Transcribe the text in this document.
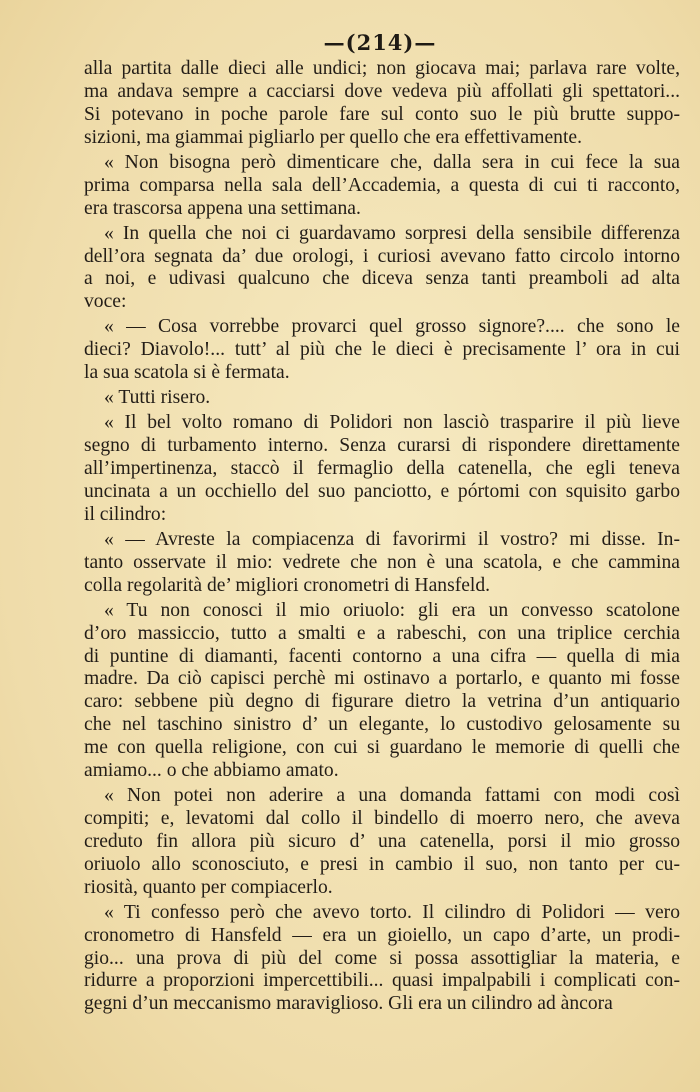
—(214)—
alla partita dalle dieci alle undici; non giocava mai; parlava rare volte,
ma andava sempre a cacciarsi dove vedeva più affollati gli spettatori...
Si potevano in poche parole fare sul conto suo le più brutte suppo-
sizioni, ma giammai pigliarlo per quello che era effettivamente.
« Non bisogna però dimenticare che, dalla sera in cui fece la sua
prima comparsa nella sala dell’Accademia, a questa di cui ti racconto,
era trascorsa appena una settimana.
« In quella che noi ci guardavamo sorpresi della sensibile differenza
dell’ora segnata da’ due orologi, i curiosi avevano fatto circolo intorno
a noi, e udivasi qualcuno che diceva senza tanti preamboli ad alta
voce:
« — Cosa vorrebbe provarci quel grosso signore?.... che sono le
dieci? Diavolo!... tutt’ al più che le dieci è precisamente l’ ora in cui
la sua scatola si è fermata.
« Tutti risero.
« Il bel volto romano di Polidori non lasciò trasparire il più lieve
segno di turbamento interno. Senza curarsi di rispondere direttamente
all’impertinenza, staccò il fermaglio della catenella, che egli teneva
uncinata a un occhiello del suo panciotto, e pórtomi con squisito garbo
il cilindro:
« — Avreste la compiacenza di favorirmi il vostro? mi disse. In-
tanto osservate il mio: vedrete che non è una scatola, e che cammina
colla regolarità de’ migliori cronometri di Hansfeld.
« Tu non conosci il mio oriuolo: gli era un convesso scatolone
d’oro massiccio, tutto a smalti e a rabeschi, con una triplice cerchia
di puntine di diamanti, facenti contorno a una cifra — quella di mia
madre. Da ciò capisci perchè mi ostinavo a portarlo, e quanto mi fosse
caro: sebbene più degno di figurare dietro la vetrina d’un antiquario
che nel taschino sinistro d’ un elegante, lo custodivo gelosamente su
me con quella religione, con cui si guardano le memorie di quelli che
amiamo... o che abbiamo amato.
« Non potei non aderire a una domanda fattami con modi così
compiti; e, levatomi dal collo il bindello di moerro nero, che aveva
creduto fin allora più sicuro d’ una catenella, porsi il mio grosso
oriuolo allo sconosciuto, e presi in cambio il suo, non tanto per cu-
riosità, quanto per compiacerlo.
« Ti confesso però che avevo torto. Il cilindro di Polidori — vero
cronometro di Hansfeld — era un gioiello, un capo d’arte, un prodi-
gio... una prova di più del come si possa assottigliar la materia, e
ridurre a proporzioni impercettibili... quasi impalpabili i complicati con-
gegni d’un meccanismo maraviglioso. Gli era un cilindro ad àncora
